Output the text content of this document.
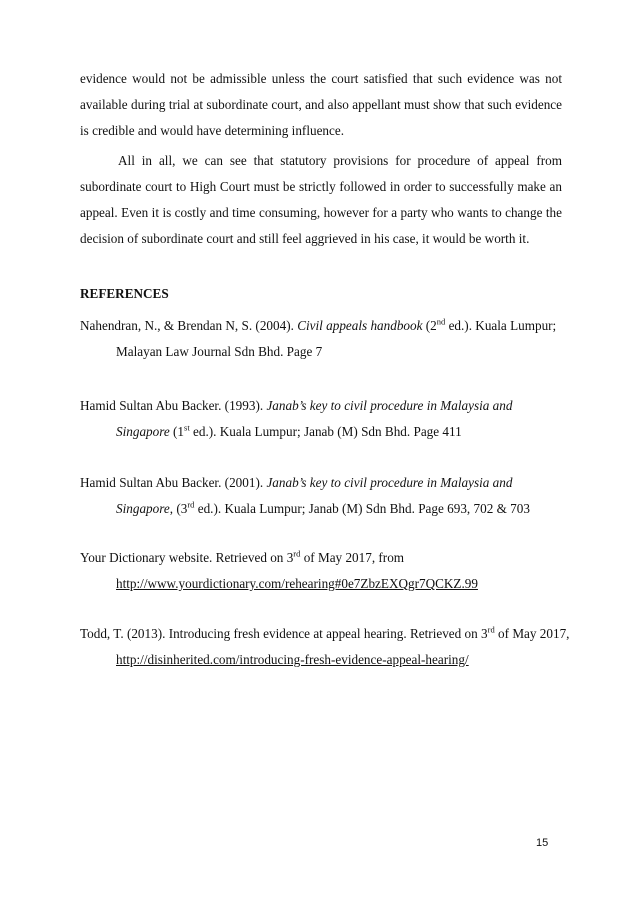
evidence would not be admissible unless the court satisfied that such evidence was not available during trial at subordinate court, and also appellant must show that such evidence is credible and would have determining influence.

All in all, we can see that statutory provisions for procedure of appeal from subordinate court to High Court must be strictly followed in order to successfully make an appeal. Even it is costly and time consuming, however for a party who wants to change the decision of subordinate court and still feel aggrieved in his case, it would be worth it.

REFERENCES
Nahendran, N., & Brendan N, S. (2004). Civil appeals handbook (2nd ed.). Kuala Lumpur;
Malayan Law Journal Sdn Bhd. Page 7
Hamid Sultan Abu Backer. (1993). Janab’s key to civil procedure in Malaysia and
Singapore (1st ed.). Kuala Lumpur; Janab (M) Sdn Bhd. Page 411
Hamid Sultan Abu Backer. (2001). Janab’s key to civil procedure in Malaysia and
Singapore, (3rd ed.). Kuala Lumpur; Janab (M) Sdn Bhd. Page 693, 702 & 703
Your Dictionary website. Retrieved on 3rd of May 2017, from
http://www.yourdictionary.com/rehearing#0e7ZbzEXQgr7QCKZ.99
Todd, T. (2013). Introducing fresh evidence at appeal hearing. Retrieved on 3rd of May 2017,
http://disinherited.com/introducing-fresh-evidence-appeal-hearing/
15
